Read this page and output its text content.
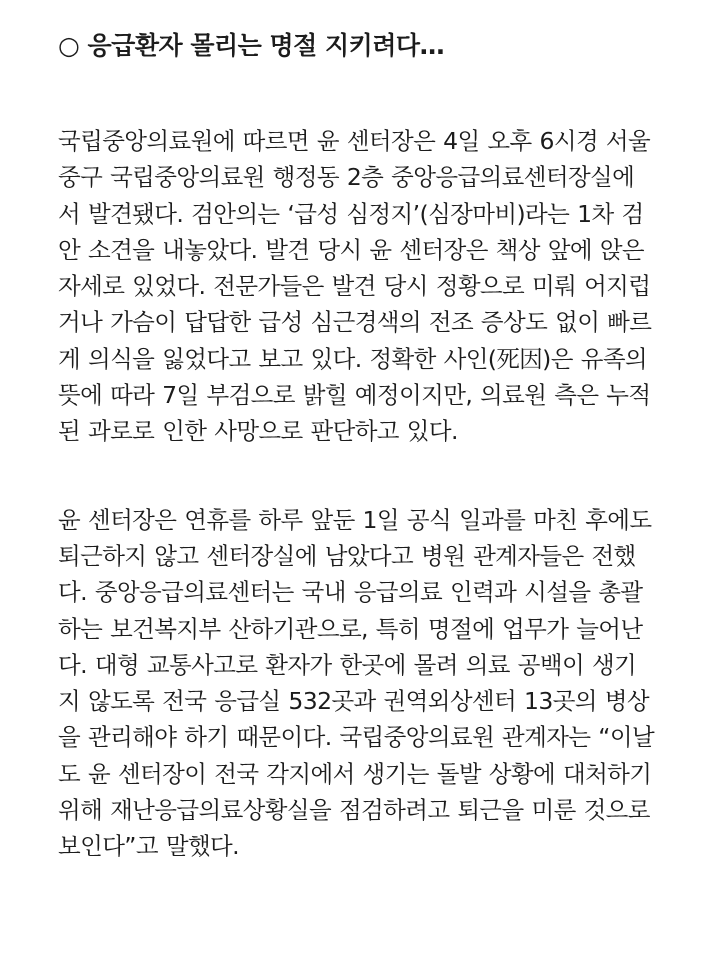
○ 응급환자 몰리는 명절 지키려다…
국립중앙의료원에 따르면 윤 센터장은 4일 오후 6시경 서울
중구 국립중앙의료원 행정동 2층 중앙응급의료센터장실에
서 발견됐다. 검안의는 ‘급성 심정지’(심장마비)라는 1차 검
안 소견을 내놓았다. 발견 당시 윤 센터장은 책상 앞에 앉은
자세로 있었다. 전문가들은 발견 당시 정황으로 미뤄 어지럽
거나 가슴이 답답한 급성 심근경색의 전조 증상도 없이 빠르
게 의식을 잃었다고 보고 있다. 정확한 사인(死因)은 유족의
뜻에 따라 7일 부검으로 밝힐 예정이지만, 의료원 측은 누적
된 과로로 인한 사망으로 판단하고 있다.
윤 센터장은 연휴를 하루 앞둔 1일 공식 일과를 마친 후에도
퇴근하지 않고 센터장실에 남았다고 병원 관계자들은 전했
다. 중앙응급의료센터는 국내 응급의료 인력과 시설을 총괄
하는 보건복지부 산하기관으로, 특히 명절에 업무가 늘어난
다. 대형 교통사고로 환자가 한곳에 몰려 의료 공백이 생기
지 않도록 전국 응급실 532곳과 권역외상센터 13곳의 병상
을 관리해야 하기 때문이다. 국립중앙의료원 관계자는 “이날
도 윤 센터장이 전국 각지에서 생기는 돌발 상황에 대처하기
위해 재난응급의료상황실을 점검하려고 퇴근을 미룬 것으로
보인다”고 말했다.
